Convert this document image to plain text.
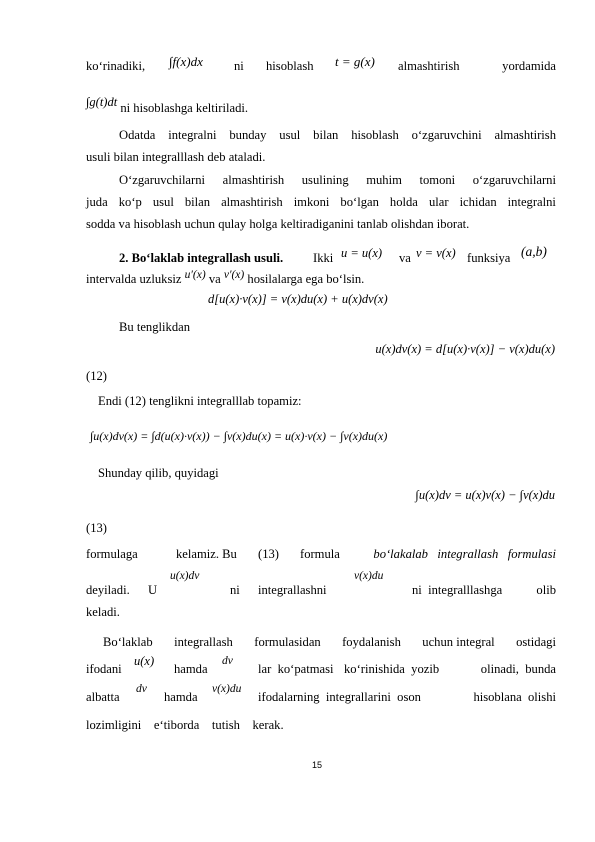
ko‘rinadiki, ∫f(x)dx ni hisoblash t = g(x) almashtirish	yordamida
∫g(t)dt ni hisoblashga keltiriladi.
Odatda integralni bunday usul bilan hisoblash o‘zgaruvchini almashtirish
usuli bilan integralllash deb ataladi.
O‘zgaruvchilarni almashtirish usulining muhim tomoni o‘zgaruvchilarni
juda ko‘p usul bilan almashtirish imkoni bo‘lgan holda ular ichidan integralni
sodda va hisoblash uchun qulay holga keltiradiganini tanlab olishdan iborat.
2. Bo‘laklab integrallash usuli. Ikki u = u(x) va v = v(x) funksiya (a,b)
intervalda uzluksiz u′(x) va v′(x) hosilalarga ega bo‘lsin.
d[u(x)·v(x)] = v(x)du(x) + u(x)dv(x)
Bu tenglikdan
u(x)dv(x) = d[u(x)·v(x)] − v(x)du(x)
(12)
Endi (12) tenglikni integralllab topamiz:
∫u(x)dv(x) = ∫d(u(x)·v(x)) − ∫v(x)du(x) = u(x)·v(x) − ∫v(x)du(x)
Shunday qilib, quyidagi
∫u(x)dv = u(x)v(x) − ∫v(x)du
(13)
formulaga	kelamiz. Bu (13) formula	bo‘lakalab   integrallash   formulasi
deyiladi. U
u(x)dv
ni integrallashni
v(x)du
ni  integralllashga	olib
keladi.
Bo‘laklab integrallash formulasidan foydalanish uchun integral ostidagi
ifodani
u(x)
hamda
dv
lar  ko‘patmasi ko‘rinishida  yozib	olinadi,  bunda
albatta
dv
hamda
v(x)du
ifodalarning  integrallarini  oson	hisoblana  olishi
lozimligini    e‘tiborda    tutish    kerak.
15
